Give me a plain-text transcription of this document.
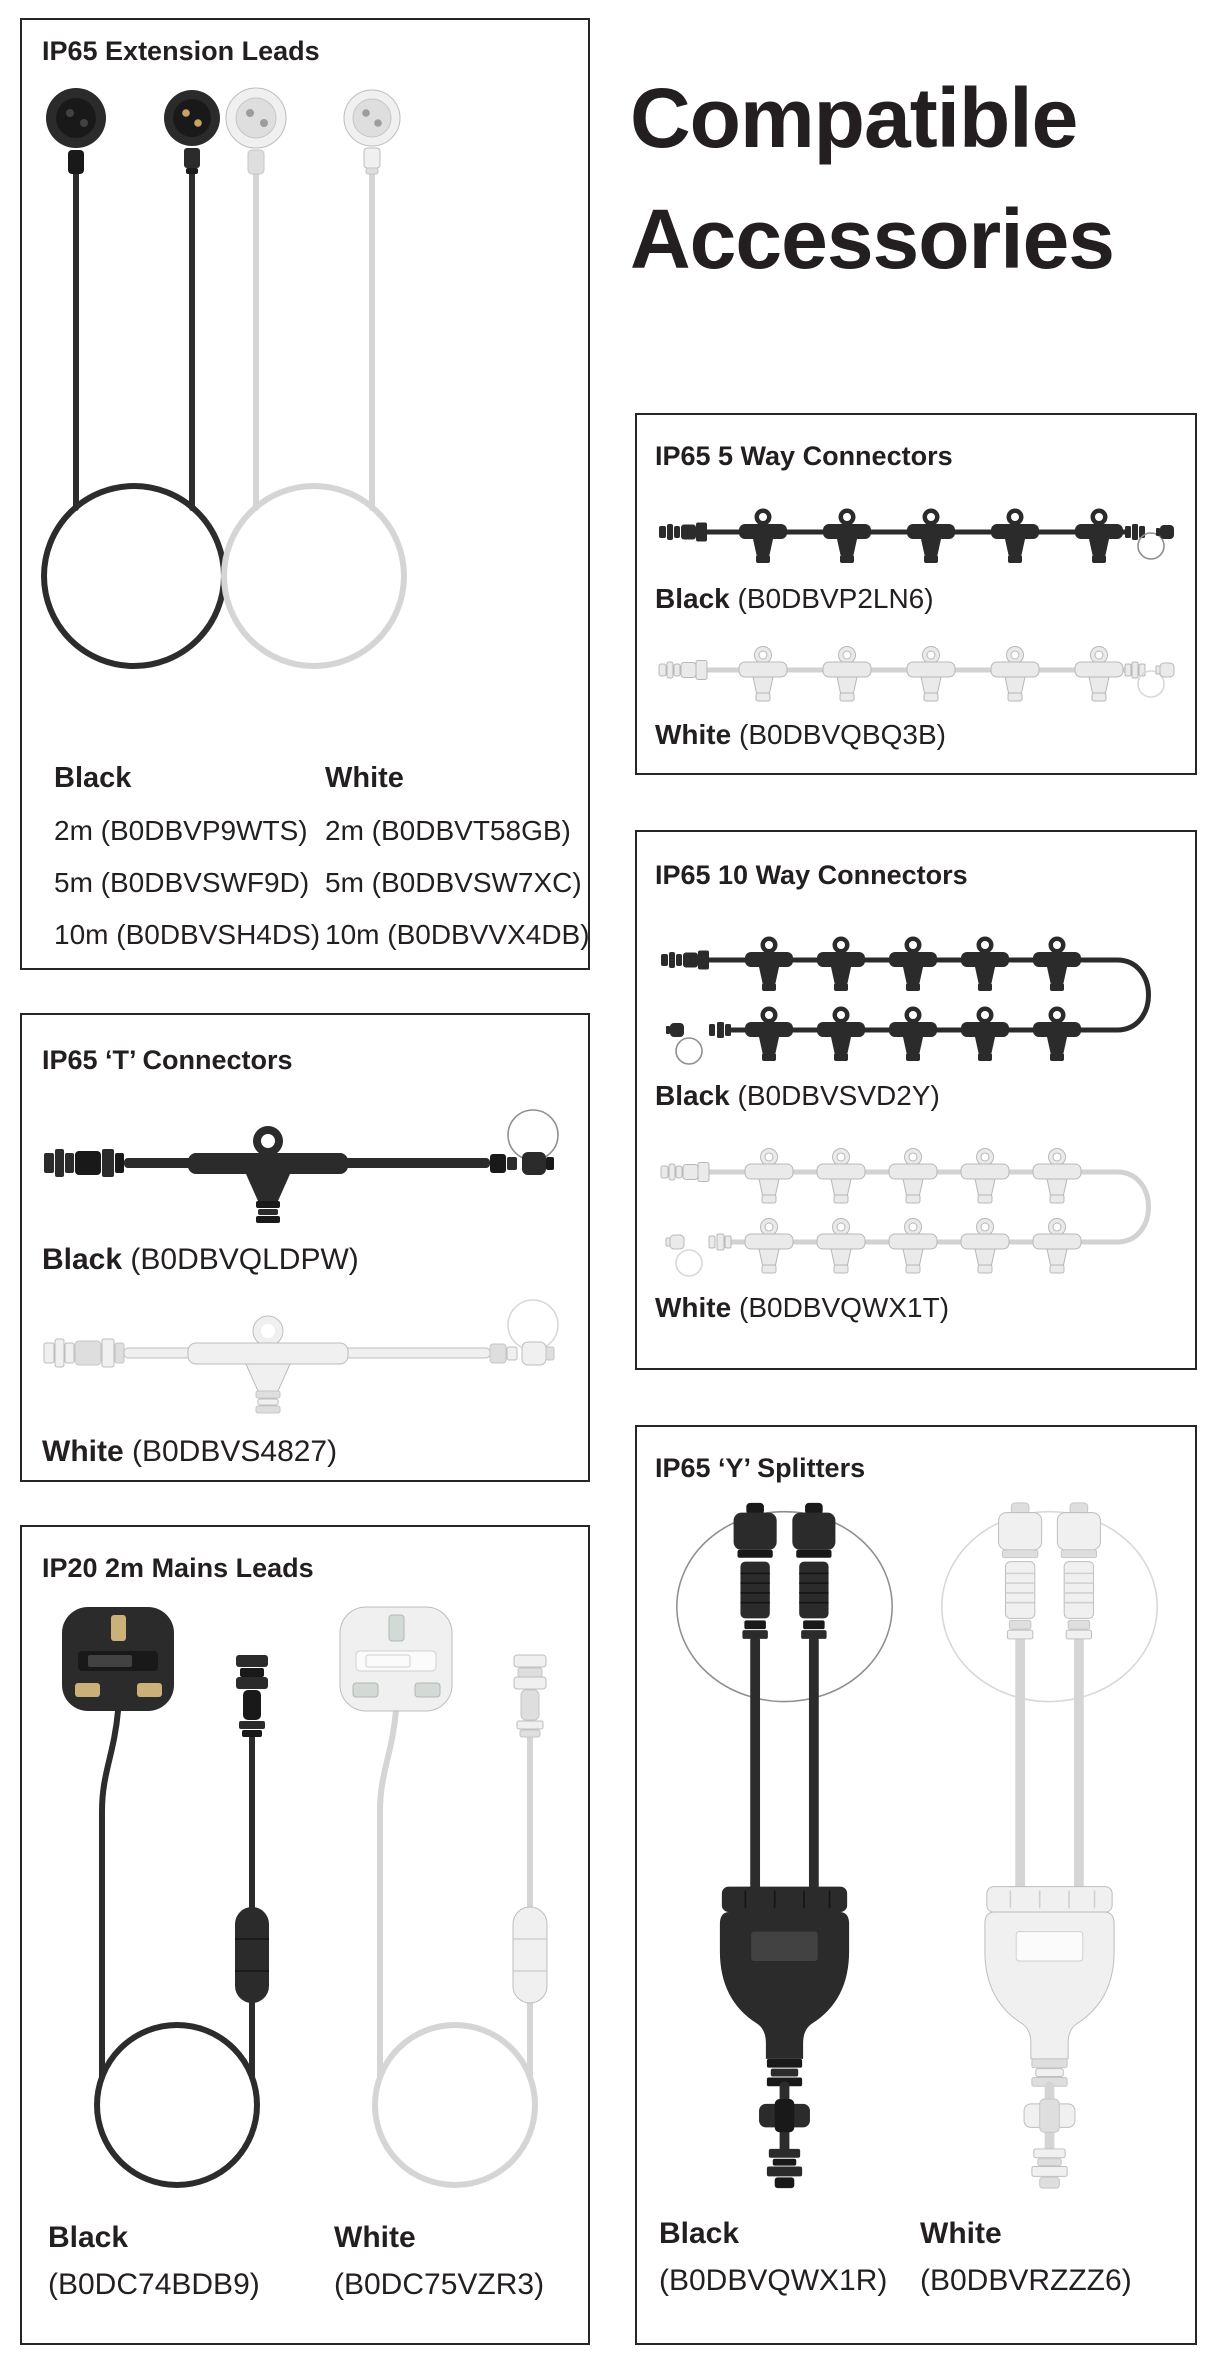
Compatible
Accessories
IP65 Extension Leads
Black
2m (B0DBVP9WTS)
5m (B0DBVSWF9D)
10m (B0DBVSH4DS)
White
2m (B0DBVT58GB)
5m (B0DBVSW7XC)
10m (B0DBVVX4DB)
IP65 ‘T’ Connectors
Black (B0DBVQLDPW)
White (B0DBVS4827)
IP20 2m Mains Leads
Black
(B0DC74BDB9)
White
(B0DC75VZR3)
IP65 5 Way Connectors
Black (B0DBVP2LN6)
White (B0DBVQBQ3B)
IP65 10 Way Connectors
Black (B0DBVSVD2Y)
White (B0DBVQWX1T)
IP65 ‘Y’ Splitters
Black
(B0DBVQWX1R)
White
(B0DBVRZZZ6)
